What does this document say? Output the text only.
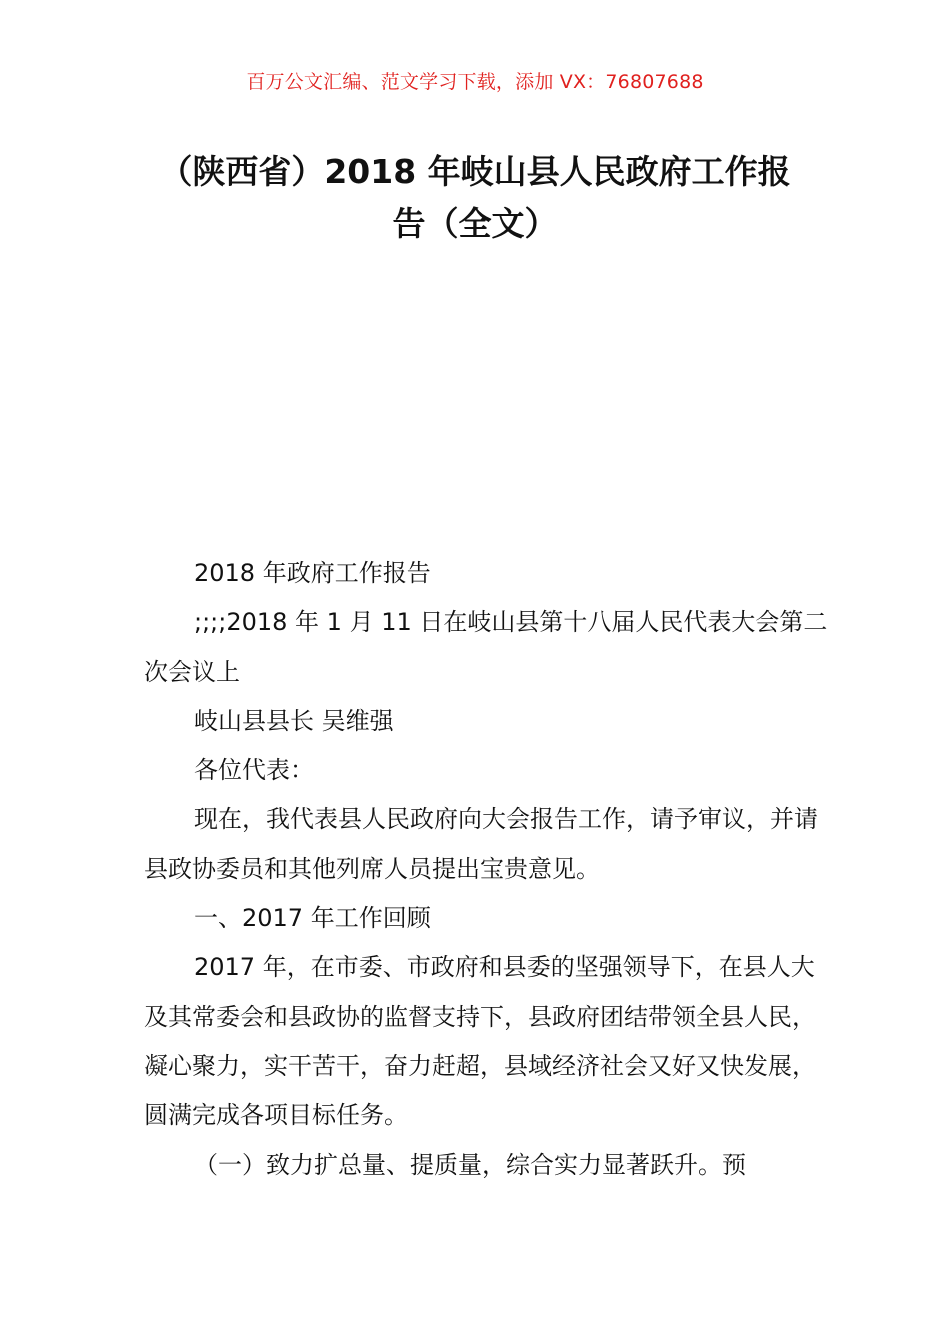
百万公文汇编、范文学习下载，添加 VX：76807688
（陕西省）2018 年岐山县人民政府工作报
告（全文）

2018 年政府工作报告

;;;;2018 年 1 月 11 日在岐山县第十八届人民代表大会第二次会议上

岐山县县长 吴维强

各位代表：

现在，我代表县人民政府向大会报告工作，请予审议，并请县政协委员和其他列席人员提出宝贵意见。

一、2017 年工作回顾

2017 年，在市委、市政府和县委的坚强领导下，在县人大及其常委会和县政协的监督支持下，县政府团结带领全县人民，凝心聚力，实干苦干，奋力赶超，县域经济社会又好又快发展，圆满完成各项目标任务。

（一）致力扩总量、提质量，综合实力显著跃升。预
